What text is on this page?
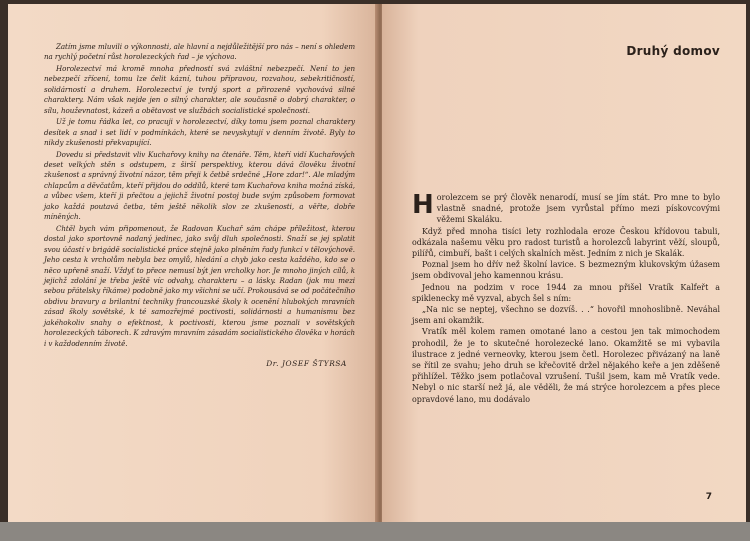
Zatím jsme mluvili o výkonnosti, ale hlavní a nejdůležitější pro nás – není s ohledem na rychlý početní růst horolezeckých řad – je výchova.

Horolezectví má kromě mnoha předností svá zvláštní nebezpečí. Není to jen nebezpečí zřícení, tomu lze čelit kázní, tuhou přípravou, rozvahou, sebekritičností, solidárností a druhem. Horolezectví je tvrdý sport a přirozeně vychovává silné charaktery. Nám však nejde jen o silný charakter, ale současně o dobrý charakter, o sílu, houževnatost, kázeň a obětavost ve službách socialistické společnosti.

Už je tomu řádka let, co pracuji v horolezectví, díky tomu jsem poznal charaktery desítek a snad i set lidí v podmínkách, které se nevyskytují v denním životě. Byly to nikdy zkušenosti překvapující.

Dovedu si představit vliv Kuchařovy knihy na čtenáře. Těm, kteří vidí Kuchařových deset velkých stěn s odstupem, z širší perspektivy, kterou dává člověku životní zkušenost a správný životní názor, těm přeji k četbě srdečné „Hore zdar!“. Ale mladým chlapcům a děvčatům, kteří přijdou do oddílů, které tam Kuchařova kniha možná získá, a vůbec všem, kteří ji přečtou a jejichž životní postoj bude svým způsobem formovat jako každá poutavá četba, těm ještě několik slov ze zkušenosti, a věřte, dobře míněných.

Chtěl bych vám připomenout, že Radovan Kuchař sám chápe příležitost, kterou dostal jako sportovně nadaný jedinec, jako svůj dluh společnosti. Snaží se jej splatit svou účastí v brigádě socialistické práce stejně jako plněním řady funkcí v tělovýchově. Jeho cesta k vrcholům nebyla bez omylů, hledání a chyb jako cesta každého, kdo se o něco upřeně snaží. Vždyť to přece nemusí být jen vrcholky hor. Je mnoho jiných cílů, k jejichž zdolání je třeba ještě víc odvahy, charakteru – a lásky. Radan (jak mu mezi sebou přátelsky říkáme) podobně jako my všichni se učí. Prokousává se od počátečního obdivu bravury a brilantní techniky francouzské školy k ocenění hlubokých mravních zásad školy sovětské, k té samozřejmé poctivosti, solidárnosti a humanismu bez jakéhokoliv snahy o efektnost, k poctivosti, kterou jsme poznali v sovětských horolezeckých táborech. K zdravým mravním zásadám socialistického člověka v horách i v každodenním životě.

Dr. JOSEF ŠTYRSA
Druhý domov

Horolezcem se prý člověk nenarodí, musí se jím stát. Pro mne to bylo vlastně snadné, protože jsem vyrůstal přímo mezi pískovcovými věžemi Skaláku.

Když před mnoha tisíci lety rozhlodala eroze Českou křídovou tabuli, odkázala našemu věku pro radost turistů a horolezců labyrint věží, sloupů, pilířů, cimbuří, bašt i celých skalních měst. Jedním z nich je Skalák.

Poznal jsem ho dřív než školní lavice. S bezmezným klukovským úžasem jsem obdivoval jeho kamennou krásu.

Jednou na podzim v roce 1944 za mnou přišel Vratík Kalfeřt a spiklenecky mě vyzval, abych šel s ním:

„Na nic se neptej, všechno se dozvíš. . .“ hovořil mnohoslibně. Neváhal jsem ani okamžik.

Vratík měl kolem ramen omotané lano a cestou jen tak mimochodem prohodil, že je to skutečné horolezecké lano. Okamžitě se mi vybavila ilustrace z jedné verneovky, kterou jsem četl. Horolezec přivázaný na laně se řítil ze svahu; jeho druh se křečovitě držel nějakého keře a jen zděšeně přihlížel. Těžko jsem potlačoval vzrušení. Tušil jsem, kam mě Vratík vede. Nebyl o nic starší než já, ale věděli, že má strýce horolezcem a přes plece opravdové lano, mu dodávalo

7
